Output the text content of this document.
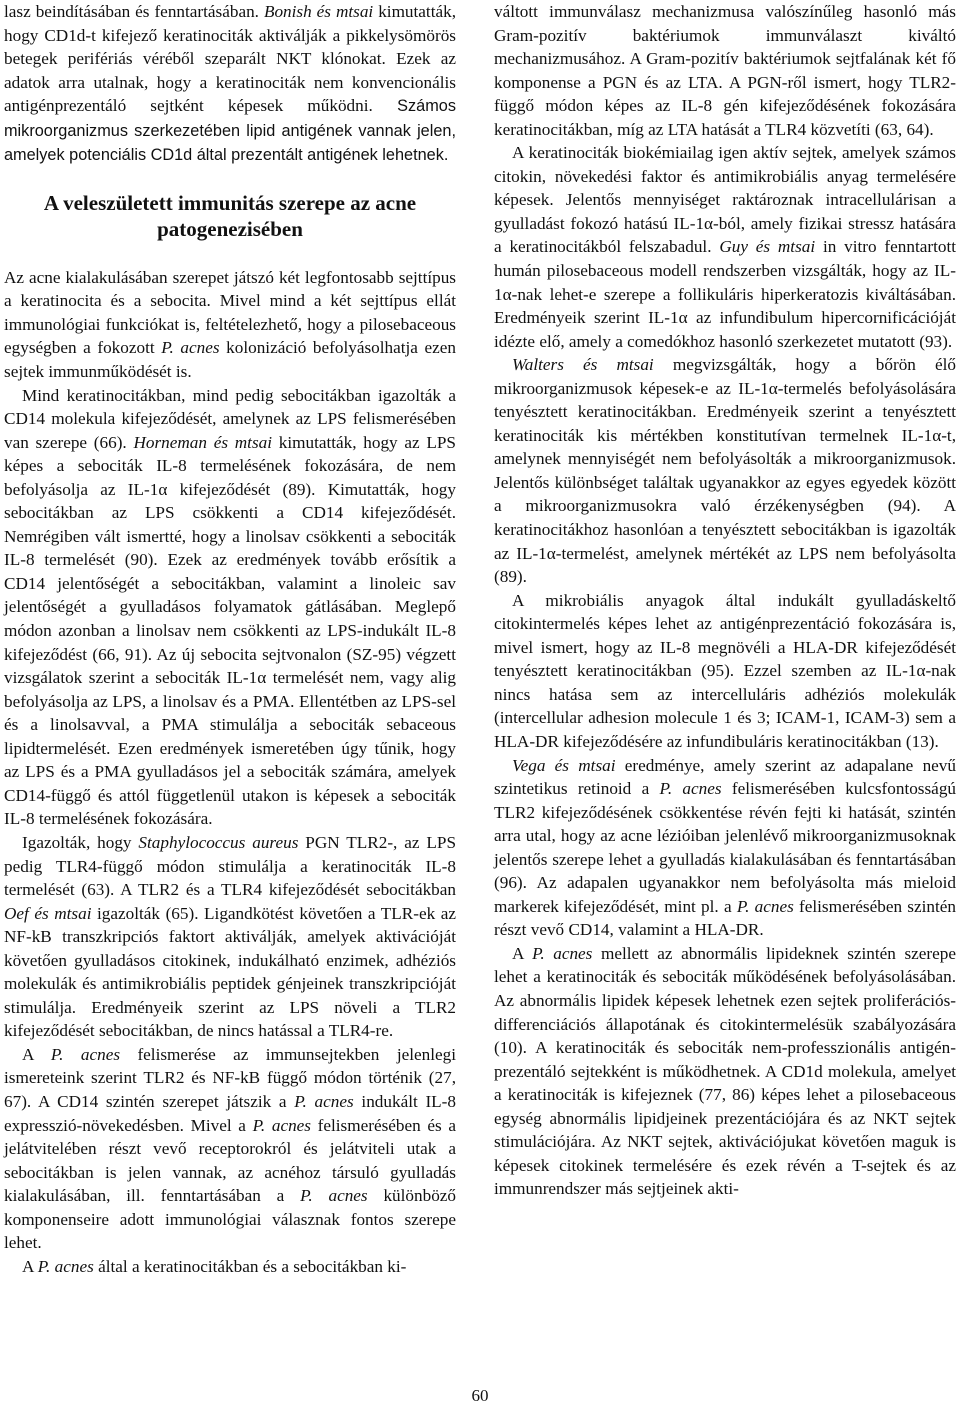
lasz beindításában és fenntartásában. Bonish és mtsai kimutatták, hogy CD1d-t kifejező keratinociták aktiválják a pikkelysömörös betegek perifériás véréből szeparált NKT klónokat. Ezek az adatok arra utalnak, hogy a keratinociták nem konvencionális antigénprezentáló sejtként képesek működni. Számos mikroorganizmus szerkezetében lipid antigének vannak jelen, amelyek potenciális CD1d által prezentált antigének lehetnek.

A veleszületett immunitás szerepe az acne patogenezisében

Az acne kialakulásában szerepet játszó két legfontosabb sejttípus a keratinocita és a sebocita. Mivel mind a két sejttípus ellát immunológiai funkciókat is, feltételezhető, hogy a pilosebaceous egységben a fokozott P. acnes kolonizáció befolyásolhatja ezen sejtek immunműködését is.

Mind keratinocitákban, mind pedig sebocitákban igazolták a CD14 molekula kifejeződését, amelynek az LPS felismerésében van szerepe (66). Horneman és mtsai kimutatták, hogy az LPS képes a sebociták IL-8 termelésének fokozására, de nem befolyásolja az IL-1α kifejeződését (89). Kimutatták, hogy sebocitákban az LPS csökkenti a CD14 kifejeződését. Nemrégiben vált ismertté, hogy a linolsav csökkenti a sebociták IL-8 termelését (90). Ezek az eredmények tovább erősítik a CD14 jelentőségét a sebocitákban, valamint a linoleic sav jelentőségét a gyulladásos folyamatok gátlásában. Meglepő módon azonban a linolsav nem csökkenti az LPS-indukált IL-8 kifejeződést (66, 91). Az új sebocita sejtvonalon (SZ-95) végzett vizsgálatok szerint a sebociták IL-1α termelését nem, vagy alig befolyásolja az LPS, a linolsav és a PMA. Ellentétben az LPS-sel és a linolsavval, a PMA stimulálja a sebociták sebaceous lipidtermelését. Ezen eredmények ismeretében úgy tűnik, hogy az LPS és a PMA gyulladásos jel a sebociták számára, amelyek CD14-függő és attól függetlenül utakon is képesek a sebociták IL-8 termelésének fokozására.

Igazolták, hogy Staphylococcus aureus PGN TLR2-, az LPS pedig TLR4-függő módon stimulálja a keratinociták IL-8 termelését (63). A TLR2 és a TLR4 kifejeződését sebocitákban Oef és mtsai igazolták (65). Ligandkötést követően a TLR-ek az NF-kB transzkripciós faktort aktiválják, amelyek aktivációját követően gyulladásos citokinek, indukálható enzimek, adhéziós molekulák és antimikrobiális peptidek génjeinek transzkripcióját stimulálja. Eredményeik szerint az LPS növeli a TLR2 kifejeződését sebocitákban, de nincs hatással a TLR4-re.

A P. acnes felismerése az immunsejtekben jelenlegi ismereteink szerint TLR2 és NF-kB függő módon történik (27, 67). A CD14 szintén szerepet játszik a P. acnes indukált IL-8 expresszió-növekedésben. Mivel a P. acnes felismerésében és a jelátvitelében részt vevő receptorokról és jelátviteli utak a sebocitákban is jelen vannak, az acnéhoz társuló gyulladás kialakulásában, ill. fenntartásában a P. acnes különböző komponenseire adott immunológiai válasznak fontos szerepe lehet.

A P. acnes által a keratinocitákban és a sebocitákban ki-

váltott immunválasz mechanizmusa valószínűleg hasonló más Gram-pozitív baktériumok immunválaszt kiváltó mechanizmusához. A Gram-pozitív baktériumok sejtfalának két fő komponense a PGN és az LTA. A PGN-ről ismert, hogy TLR2-függő módon képes az IL-8 gén kifejeződésének fokozására keratinocitákban, míg az LTA hatását a TLR4 közvetíti (63, 64).

A keratinociták biokémiailag igen aktív sejtek, amelyek számos citokin, növekedési faktor és antimikrobiális anyag termelésére képesek. Jelentős mennyiséget raktároznak intracellulárisan a gyulladást fokozó hatású IL-1α-ból, amely fizikai stressz hatására a keratinocitákból felszabadul. Guy és mtsai in vitro fenntartott humán pilosebaceous modell rendszerben vizsgálták, hogy az IL-1α-nak lehet-e szerepe a follikuláris hiperkeratozis kiváltásában. Eredményeik szerint IL-1α az infundibulum hipercornificációját idézte elő, amely a comedókhoz hasonló szerkezetet mutatott (93).

Walters és mtsai megvizsgálták, hogy a bőrön élő mikroorganizmusok képesek-e az IL-1α-termelés befolyásolására tenyésztett keratinocitákban. Eredményeik szerint a tenyésztett keratinociták kis mértékben konstitutívan termelnek IL-1α-t, amelynek mennyiségét nem befolyásolták a mikroorganizmusok. Jelentős különbséget találtak ugyanakkor az egyes egyedek között a mikroorganizmusokra való érzékenységben (94). A keratinocitákhoz hasonlóan a tenyésztett sebocitákban is igazolták az IL-1α-termelést, amelynek mértékét az LPS nem befolyásolta (89).

A mikrobiális anyagok által indukált gyulladáskeltő citokintermelés képes lehet az antigénprezentáció fokozására is, mivel ismert, hogy az IL-8 megnövéli a HLA-DR kifejeződését tenyésztett keratinocitákban (95). Ezzel szemben az IL-1α-nak nincs hatása sem az intercelluláris adhéziós molekulák (intercellular adhesion molecule 1 és 3; ICAM-1, ICAM-3) sem a HLA-DR kifejeződésére az infundibuláris keratinocitákban (13).

Vega és mtsai eredménye, amely szerint az adapalane nevű szintetikus retinoid a P. acnes felismerésében kulcsfontosságú TLR2 kifejeződésének csökkentése révén fejti ki hatását, szintén arra utal, hogy az acne lézióiban jelenlévő mikroorganizmusoknak jelentős szerepe lehet a gyulladás kialakulásában és fenntartásában (96). Az adapalen ugyanakkor nem befolyásolta más mieloid markerek kifejeződését, mint pl. a P. acnes felismerésében szintén részt vevő CD14, valamint a HLA-DR.

A P. acnes mellett az abnormális lipideknek szintén szerepe lehet a keratinociták és sebociták működésének befolyásolásában. Az abnormális lipidek képesek lehetnek ezen sejtek proliferációs-differenciációs állapotának és citokintermelésük szabályozására (10). A keratinociták és sebociták nem-professzionális antigén-prezentáló sejtekként is működhetnek. A CD1d molekula, amelyet a keratinociták is kifejeznek (77, 86) képes lehet a pilosebaceous egység abnormális lipidjeinek prezentációjára és az NKT sejtek stimulációjára. Az NKT sejtek, aktivációjukat követően maguk is képesek citokinek termelésére és ezek révén a T-sejtek és az immunrendszer más sejtjeinek akti-

60
